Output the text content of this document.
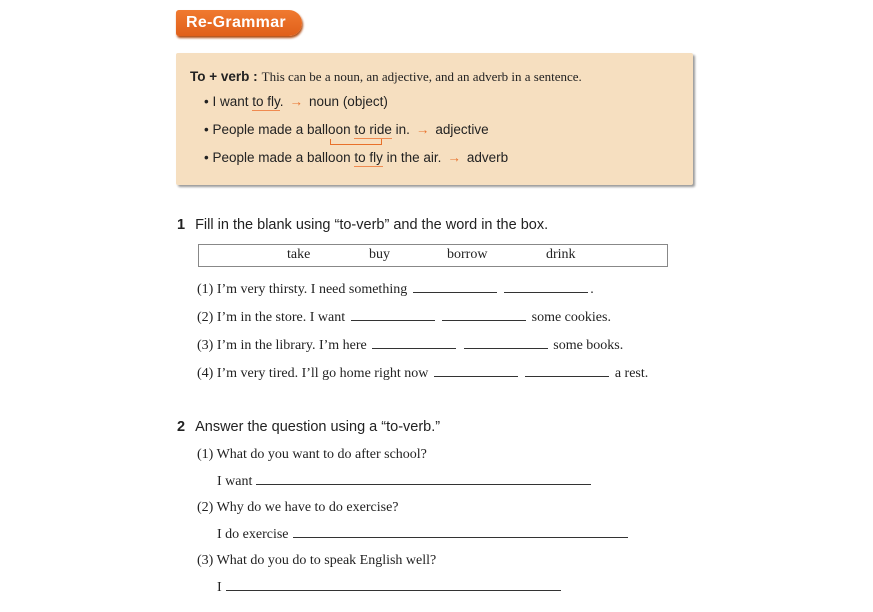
Re-Grammar
To + verb : This can be a noun, an adjective, and an adverb in a sentence.
• I want to fly. → noun (object)
• People made a balloon to ride in. → adjective
• People made a balloon to fly in the air. → adverb
1 Fill in the blank using “to-verb” and the word in the box.
take	buy	borrow	drink
(1) I’m very thirsty. I need something	.
(2) I’m in the store. I want	some cookies.
(3) I’m in the library. I’m here	some books.
(4) I’m very tired. I’ll go home right now	a rest.
2 Answer the question using a “to-verb.”
(1) What do you want to do after school?
I want
(2) Why do we have to do exercise?
I do exercise
(3) What do you do to speak English well?
I
